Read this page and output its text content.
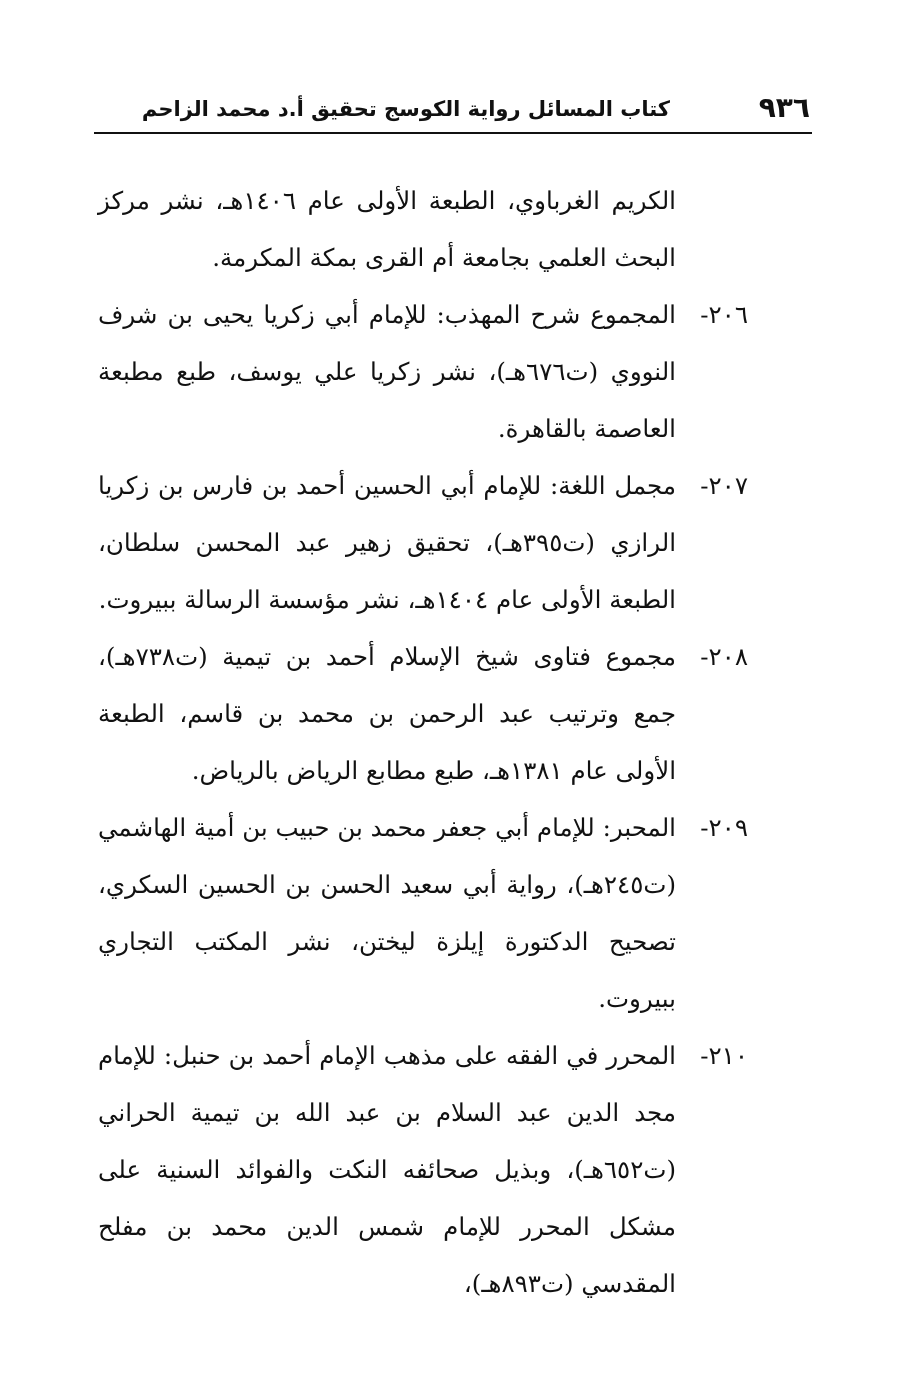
٩٣٦
كتاب المسائل رواية الكوسج تحقيق أ.د محمد الزاحم

الكريم الغرباوي، الطبعة الأولى عام ١٤٠٦هـ، نشر مركز البحث العلمي بجامعة أم القرى بمكة المكرمة.

٢٠٦-
المجموع شرح المهذب: للإمام أبي زكريا يحيى بن شرف النووي (ت٦٧٦هـ)، نشر زكريا علي يوسف، طبع مطبعة العاصمة بالقاهرة.

٢٠٧-
مجمل اللغة: للإمام أبي الحسين أحمد بن فارس بن زكريا الرازي (ت٣٩٥هـ)، تحقيق زهير عبد المحسن سلطان، الطبعة الأولى عام ١٤٠٤هـ، نشر مؤسسة الرسالة ببيروت.

٢٠٨-
مجموع فتاوى شيخ الإسلام أحمد بن تيمية (ت٧٣٨هـ)، جمع وترتيب عبد الرحمن بن محمد بن قاسم، الطبعة الأولى عام ١٣٨١هـ، طبع مطابع الرياض بالرياض.

٢٠٩-
المحبر: للإمام أبي جعفر محمد بن حبيب بن أمية الهاشمي (ت٢٤٥هـ)، رواية أبي سعيد الحسن بن الحسين السكري، تصحيح الدكتورة إيلزة ليختن، نشر المكتب التجاري ببيروت.

٢١٠-
المحرر في الفقه على مذهب الإمام أحمد بن حنبل: للإمام مجد الدين عبد السلام بن عبد الله بن تيمية الحراني (ت٦٥٢هـ)، وبذيل صحائفه النكت والفوائد السنية على مشكل المحرر للإمام شمس الدين محمد بن مفلح المقدسي (ت٨٩٣هـ)،
